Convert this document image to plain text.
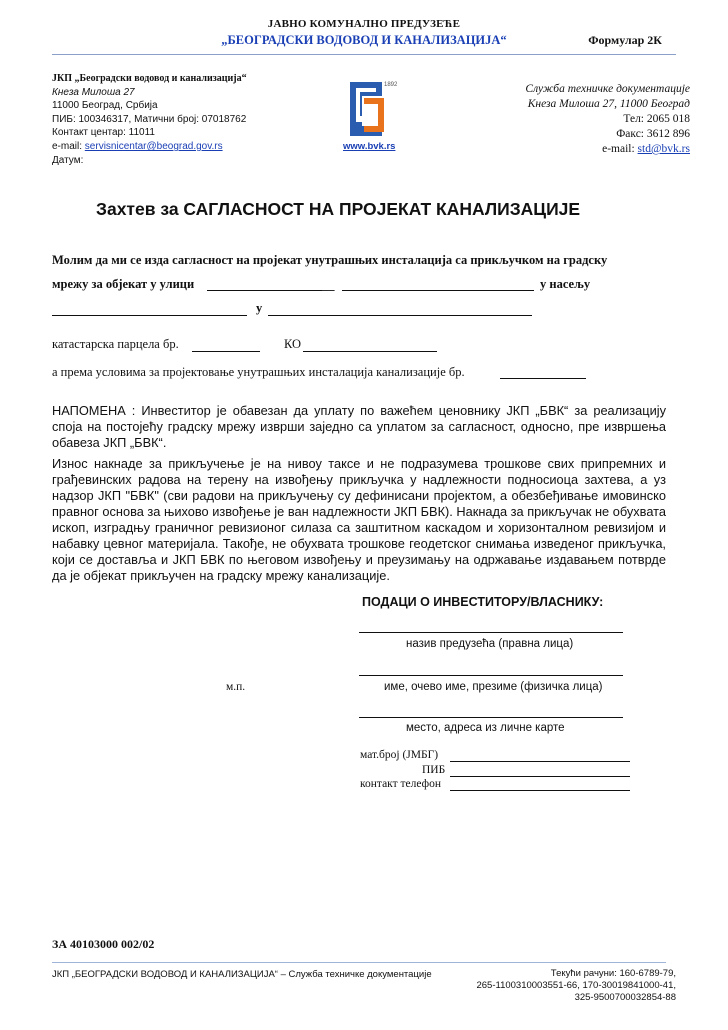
ЈАВНО КОМУНАЛНО ПРЕДУЗЕЋЕ
„БЕОГРАДСКИ ВОДОВОД И КАНАЛИЗАЦИЈА“	Формулар 2К
ЈКП „Београдски водовод и канализација“
Кнеза Милоша 27
11000 Београд, Србија
ПИБ: 100346317, Матични број: 07018762
Контакт центар: 11011
e-mail: servisnicentar@beograd.gov.rs
Датум:
1892
www.bvk.rs
Служба техничке документације
Кнеза Милоша 27, 11000 Београд
Тел: 2065 018
Факс: 3612 896
e-mail: std@bvk.rs
Захтев за САГЛАСНОСТ НА ПРОЈЕКАТ КАНАЛИЗАЦИЈЕ
Молим да ми се изда сагласност на пројекат унутрашњих инсталација са прикључком на градску
мрежу за објекат у улици	__	у насељу
у
катастарска парцела бр.	КО
а према условима за пројектовање унутрашњих инсталација канализације бр.
НАПОМЕНА : Инвеститор је обавезан да уплату по важећем ценовнику ЈКП „БВК“ за реализацију споја на постојећу градску мрежу изврши заједно са уплатом за сагласност, односно, пре извршења обавеза ЈКП „БВК“.
Износ накнаде за прикључење је на нивоу таксе и не подразумева трошкове свих припремних и грађевинских радова на терену на извођењу прикључка у надлежности подносиоца захтева, а уз надзор ЈКП "БВК" (сви радови на прикључењу су дефинисани пројектом, а обезбеђивање имовинско правног основа за њихово извођење је ван надлежности ЈКП БВК). Накнада за прикључак не обухвата ископ, изградњу граничног ревизионог силаза са заштитном каскадом и хоризонталном ревизијом и набавку цевног материјала. Такође, не обухвата трошкове геодетског снимања изведеног прикључка, који се доставља и ЈКП БВК по његовом извођењу и преузимању на одржавање издавањем потврде да је објекат прикључен на градску мрежу канализације.
ПОДАЦИ О ИНВЕСТИТОРУ/ВЛАСНИКУ:
назив предузећа (правна лица)
име, очево име, презиме (физичка лица)
м.п.
место, адреса из личне карте
мат.број (ЈМБГ)
ПИБ
контакт телефон
ЗА 40103000 002/02
ЈКП „БЕОГРАДСКИ ВОДОВОД И КАНАЛИЗАЦИЈА“ – Служба техничке документације	Текући рачуни: 160-6789-79,
265-1100310003551-66, 170-30019841000-41,
325-9500700032854-88
